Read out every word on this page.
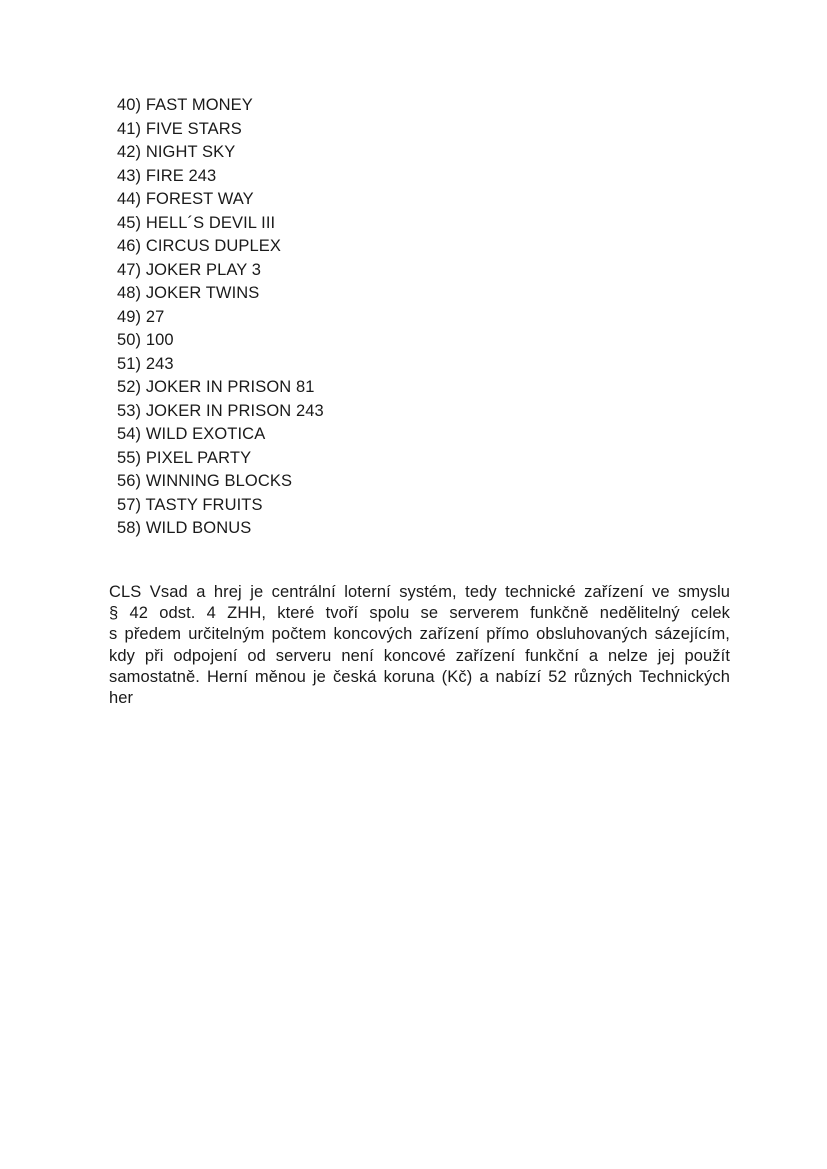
40) FAST MONEY
41) FIVE STARS
42) NIGHT SKY
43) FIRE 243
44) FOREST WAY
45) HELL´S DEVIL III
46) CIRCUS DUPLEX
47) JOKER PLAY 3
48) JOKER TWINS
49) 27
50) 100
51) 243
52) JOKER IN PRISON 81
53) JOKER IN PRISON 243
54) WILD EXOTICA
55) PIXEL PARTY
56) WINNING BLOCKS
57) TASTY FRUITS
58) WILD BONUS
CLS Vsad a hrej je centrální loterní systém, tedy technické zařízení ve smyslu
§ 42 odst. 4 ZHH, které tvoří spolu se serverem funkčně nedělitelný celek
s předem určitelným počtem koncových zařízení přímo obsluhovaných sázejícím,
kdy při odpojení od serveru není koncové zařízení funkční a nelze jej použít
samostatně. Herní měnou je česká koruna (Kč) a nabízí 52 různých Technických
her
